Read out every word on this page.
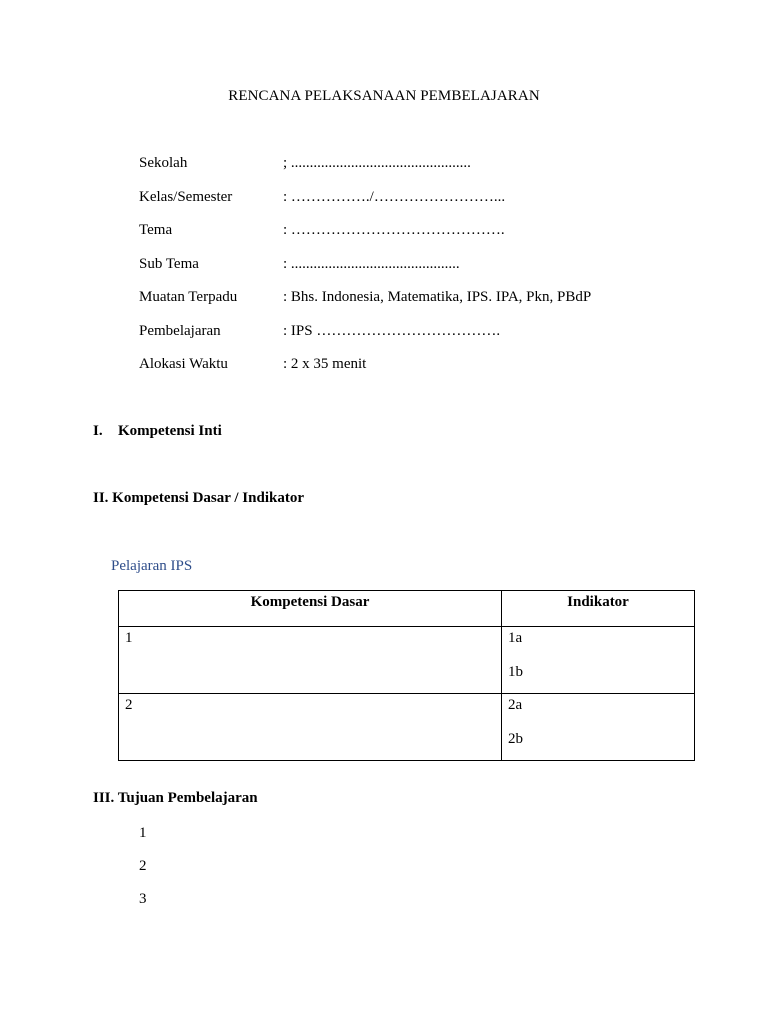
RENCANA PELAKSANAAN PEMBELAJARAN
Sekolah	; ................................................
Kelas/Semester	: ……………./……………………...
Tema	: …………………………………….
Sub Tema	: .............................................
Muatan Terpadu	: Bhs. Indonesia, Matematika, IPS. IPA, Pkn, PBdP
Pembelajaran	: IPS ……………………………….
Alokasi Waktu	: 2 x 35 menit
I. Kompetensi Inti
II. Kompetensi Dasar / Indikator
Pelajaran IPS
Kompetensi Dasar	Indikator

1	1a
1b

2	2a
2b
III. Tujuan Pembelajaran
1
2
3
